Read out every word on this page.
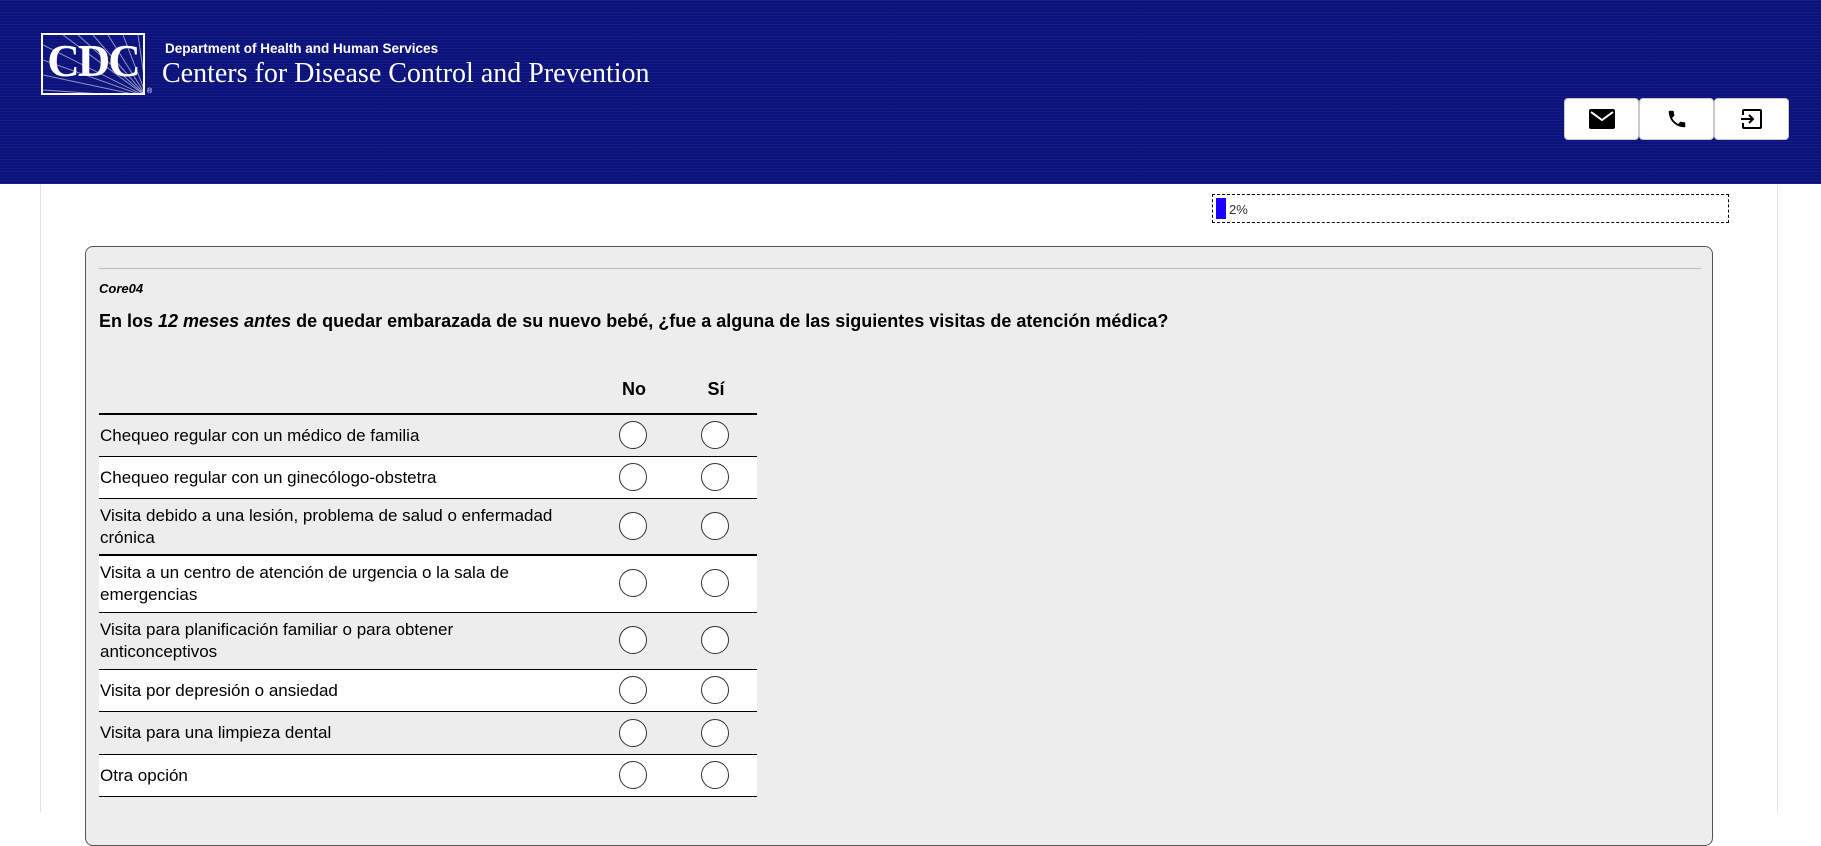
CDC
®
Department of Health and Human Services
Centers for Disease Control and Prevention
2%
Core04
En los 12 meses antes de quedar embarazada de su nuevo bebé, ¿fue a alguna de las siguientes visitas de atención médica?
No	Sí
Chequeo regular con un médico de familia
Chequeo regular con un ginecólogo-obstetra
Visita debido a una lesión, problema de salud o enfermadad crónica
Visita a un centro de atención de urgencia o la sala de emergencias
Visita para planificación familiar o para obtener anticonceptivos
Visita por depresión o ansiedad
Visita para una limpieza dental
Otra opción
